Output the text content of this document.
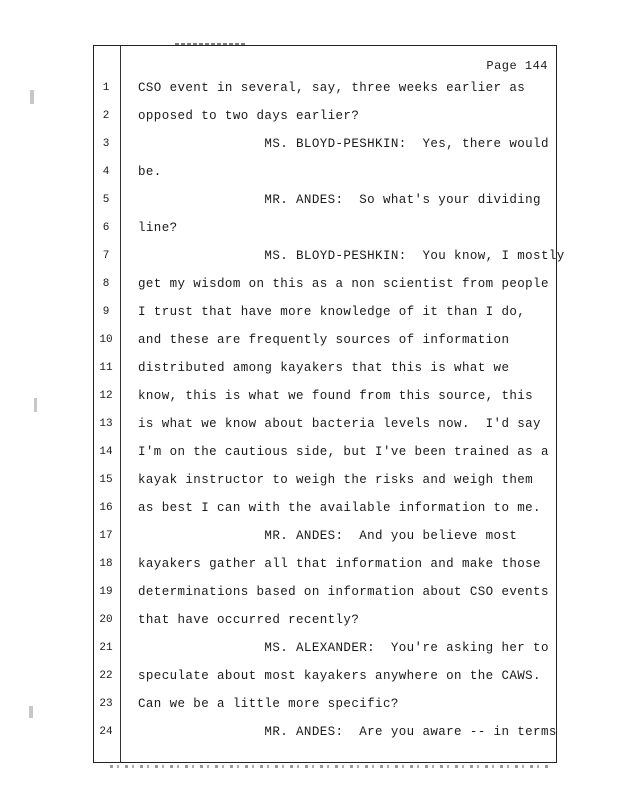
Page 144
1	CSO event in several, say, three weeks earlier as
2	opposed to two days earlier?
3	MS. BLOYD-PESHKIN:  Yes, there would
4	be.
5	MR. ANDES:  So what's your dividing
6	line?
7	MS. BLOYD-PESHKIN:  You know, I mostly
8	get my wisdom on this as a non scientist from people
9	I trust that have more knowledge of it than I do,
10 and these are frequently sources of information
11 distributed among kayakers that this is what we
12 know, this is what we found from this source, this
13 is what we know about bacteria levels now.  I'd say
14 I'm on the cautious side, but I've been trained as a
15 kayak instructor to weigh the risks and weigh them
16 as best I can with the available information to me.
17 MR. ANDES:  And you believe most
18 kayakers gather all that information and make those
19 determinations based on information about CSO events
20 that have occurred recently?
21 MS. ALEXANDER:  You're asking her to
22 speculate about most kayakers anywhere on the CAWS.
23 Can we be a little more specific?
24 MR. ANDES:  Are you aware -- in terms
